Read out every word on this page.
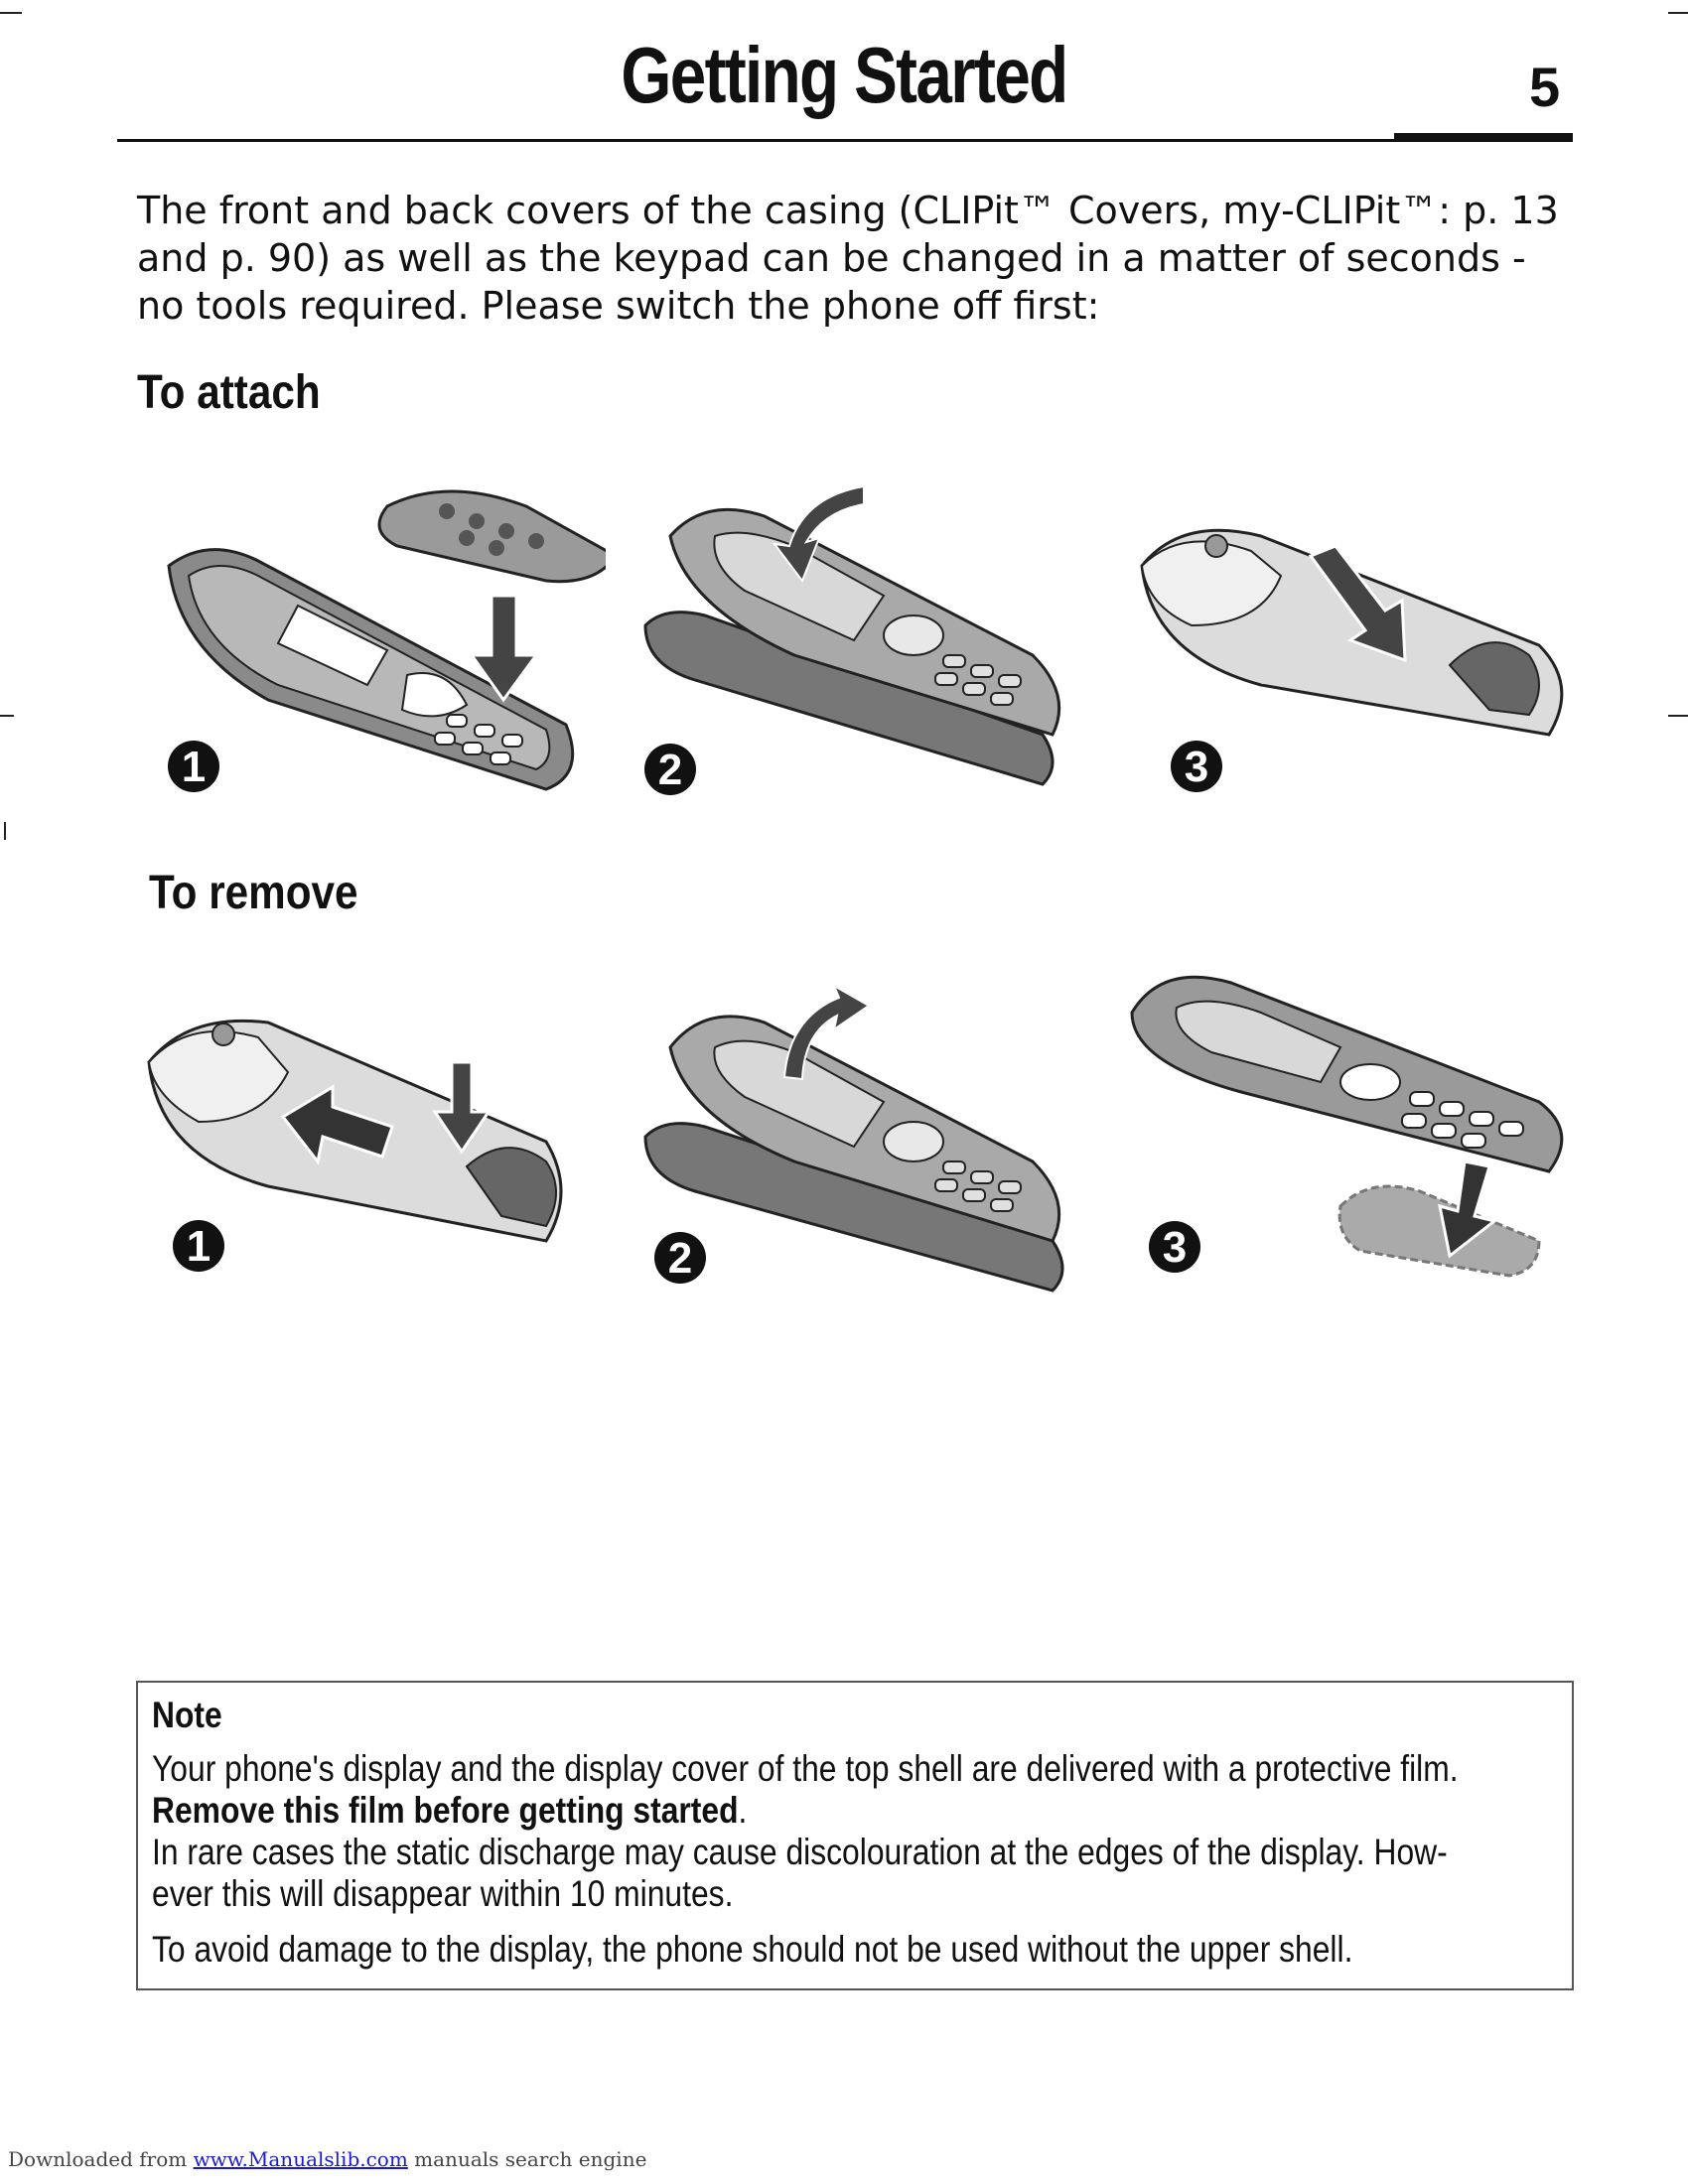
Getting Started	5

The front and back covers of the casing (CLIPit™ Covers, my-CLIPit™: p. 13 and p. 90) as well as the keypad can be changed in a matter of seconds - no tools required. Please switch the phone off first:

To attach
1	2	3
To remove
1	2	3
Note
Your phone's display and the display cover of the top shell are delivered with a protective film.
Remove this film before getting started.
In rare cases the static discharge may cause discolouration at the edges of the display. How-
ever this will disappear within 10 minutes.
To avoid damage to the display, the phone should not be used without the upper shell.
Downloaded from www.Manualslib.com manuals search engine
